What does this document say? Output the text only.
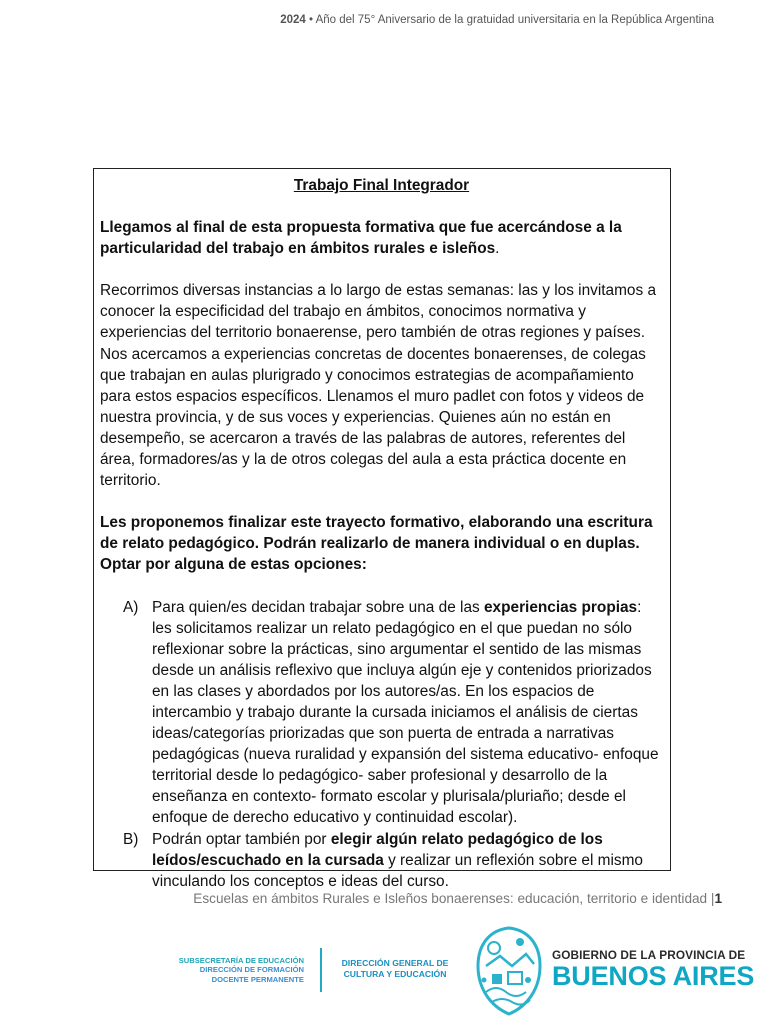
2024 • Año del 75° Aniversario de la gratuidad universitaria en la República Argentina
Trabajo Final Integrador

Llegamos al final de esta propuesta formativa que fue acercándose a la particularidad del trabajo en ámbitos rurales e isleños.

Recorrimos diversas instancias a lo largo de estas semanas: las y los invitamos a conocer la especificidad del trabajo en ámbitos, conocimos normativa y experiencias del territorio bonaerense, pero también de otras regiones y países. Nos acercamos a experiencias concretas de docentes bonaerenses, de colegas que trabajan en aulas plurigrado y conocimos estrategias de acompañamiento para estos espacios específicos. Llenamos el muro padlet con fotos y videos de nuestra provincia, y de sus voces y experiencias. Quienes aún no están en desempeño, se acercaron a través de las palabras de autores, referentes del área, formadores/as y la de otros colegas del aula a esta práctica docente en territorio.

Les proponemos finalizar este trayecto formativo, elaborando una escritura de relato pedagógico. Podrán realizarlo de manera individual o en duplas. Optar por alguna de estas opciones:

A) Para quien/es decidan trabajar sobre una de las experiencias propias: les solicitamos realizar un relato pedagógico en el que puedan no sólo reflexionar sobre la prácticas, sino argumentar el sentido de las mismas desde un análisis reflexivo que incluya algún eje y contenidos priorizados en las clases y abordados por los autores/as. En los espacios de intercambio y trabajo durante la cursada iniciamos el análisis de ciertas ideas/categorías priorizadas que son puerta de entrada a narrativas pedagógicas (nueva ruralidad y expansión del sistema educativo- enfoque territorial desde lo pedagógico- saber profesional y desarrollo de la enseñanza en contexto- formato escolar y plurisala/pluriaño; desde el enfoque de derecho educativo y continuidad escolar).
B) Podrán optar también por elegir algún relato pedagógico de los leídos/escuchado en la cursada y realizar un reflexión sobre el mismo vinculando los conceptos e ideas del curso.
Escuelas en ámbitos Rurales e Isleños bonaerenses: educación, territorio e identidad |1
SUBSECRETARÍA DE EDUCACIÓN
DIRECCIÓN DE FORMACIÓN
DOCENTE PERMANENTE
DIRECCIÓN GENERAL DE
CULTURA Y EDUCACIÓN
GOBIERNO DE LA PROVINCIA DE
BUENOS AIRES
